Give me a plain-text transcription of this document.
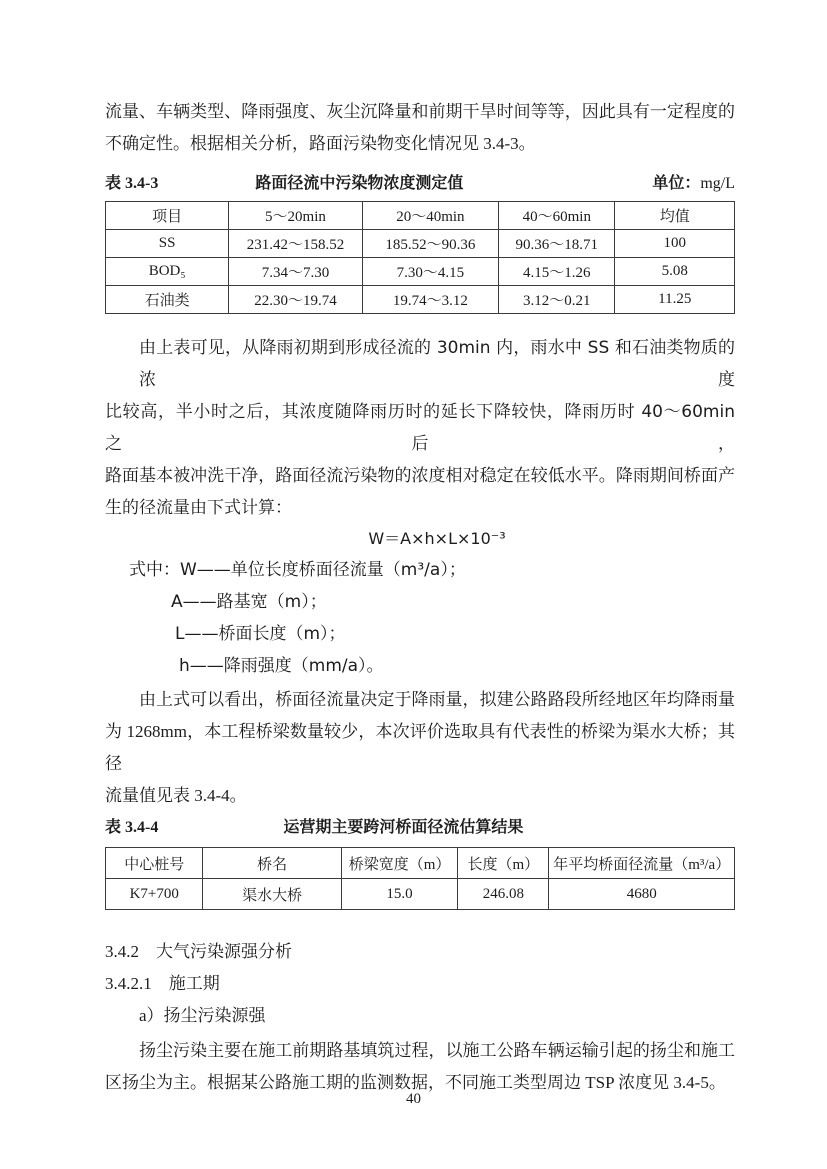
流量、车辆类型、降雨强度、灰尘沉降量和前期干旱时间等等，因此具有一定程度的
不确定性。根据相关分析，路面污染物变化情况见 3.4-3。
表 3.4-3	路面径流中污染物浓度测定值	单位：mg/L
项目	5～20min	20～40min	40～60min	均值
SS	231.42～158.52	185.52～90.36	90.36～18.71	100
BOD₅	7.34～7.30	7.30～4.15	4.15～1.26	5.08
石油类	22.30～19.74	19.74～3.12	3.12～0.21	11.25
由上表可见，从降雨初期到形成径流的 30min 内，雨水中 SS 和石油类物质的浓度
比较高，半小时之后，其浓度随降雨历时的延长下降较快，降雨历时 40～60min 之后，
路面基本被冲洗干净，路面径流污染物的浓度相对稳定在较低水平。降雨期间桥面产
生的径流量由下式计算：
W＝A×h×L×10⁻³
式中：W——单位长度桥面径流量（m³/a）；
A——路基宽（m）；
L——桥面长度（m）；
h——降雨强度（mm/a）。
由上式可以看出，桥面径流量决定于降雨量，拟建公路路段所经地区年均降雨量
为 1268mm，本工程桥梁数量较少，本次评价选取具有代表性的桥梁为渠水大桥；其径
流量值见表 3.4-4。
表 3.4-4	运营期主要跨河桥面径流估算结果
中心桩号	桥名	桥梁宽度（m）	长度（m）	年平均桥面径流量（m³/a）
K7+700	渠水大桥	15.0	246.08	4680
3.4.2　大气污染源强分析
3.4.2.1　施工期
a）扬尘污染源强
扬尘污染主要在施工前期路基填筑过程，以施工公路车辆运输引起的扬尘和施工
区扬尘为主。根据某公路施工期的监测数据，不同施工类型周边 TSP 浓度见 3.4-5。
40
